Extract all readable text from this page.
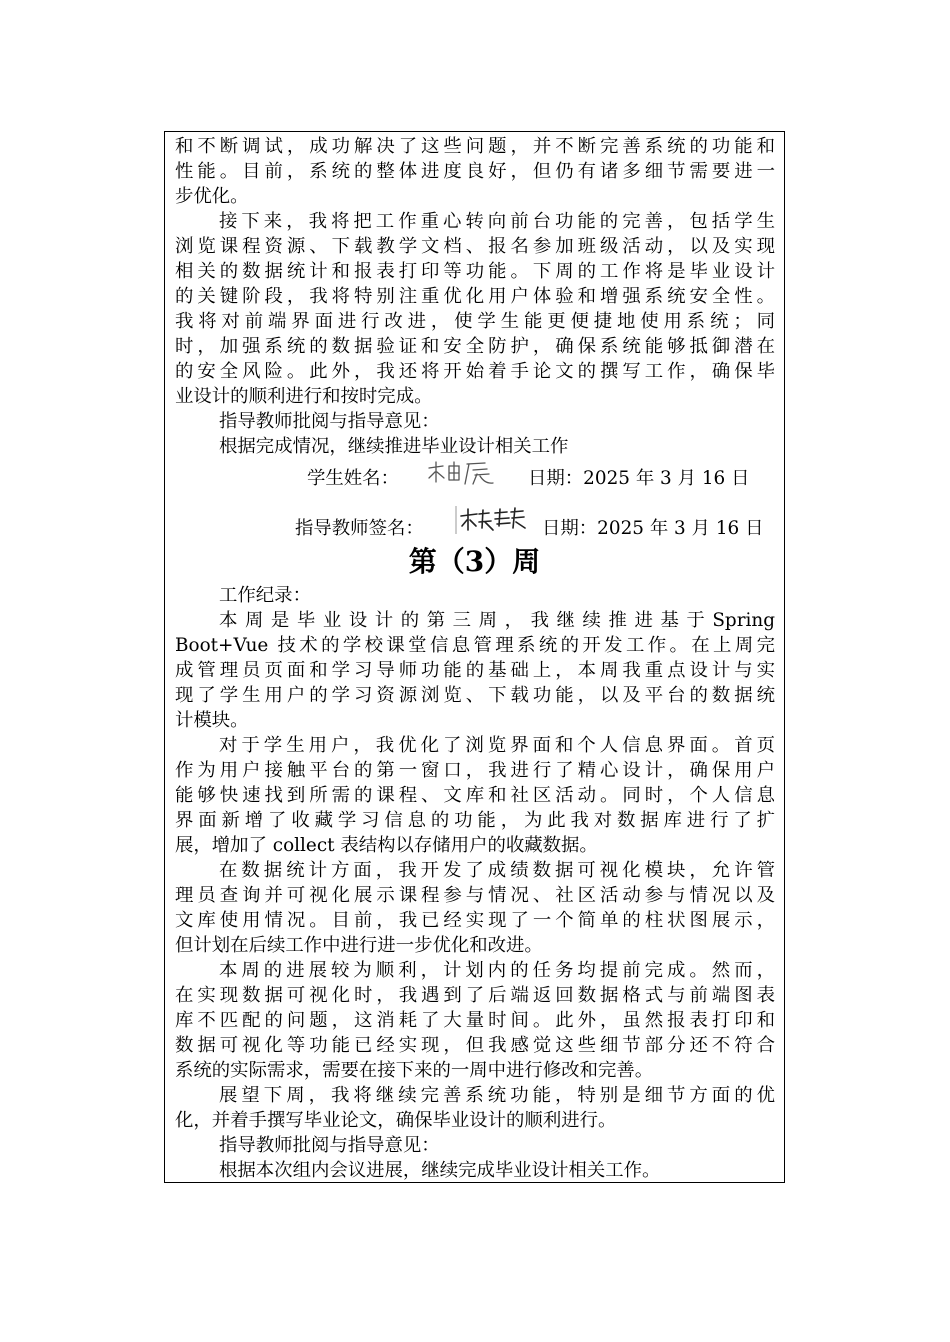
和不断调试，成功解决了这些问题，并不断完善系统的功能和
性能。目前，系统的整体进度良好，但仍有诸多细节需要进一
步优化。
接下来，我将把工作重心转向前台功能的完善，包括学生
浏览课程资源、下载教学文档、报名参加班级活动，以及实现
相关的数据统计和报表打印等功能。下周的工作将是毕业设计
的关键阶段，我将特别注重优化用户体验和增强系统安全性。
我将对前端界面进行改进，使学生能更便捷地使用系统；同
时，加强系统的数据验证和安全防护，确保系统能够抵御潜在
的安全风险。此外，我还将开始着手论文的撰写工作，确保毕
业设计的顺利进行和按时完成。
指导教师批阅与指导意见：
根据完成情况，继续推进毕业设计相关工作
学生姓名：	日期：2025 年 3 月 16 日
指导教师签名：	日期：2025 年 3 月 16 日
第（3）周
工作纪录：
本 周 是 毕 业 设 计 的 第 三 周 ， 我 继 续 推 进 基 于 Spring
Boot+Vue 技术的学校课堂信息管理系统的开发工作。在上周完
成管理员页面和学习导师功能的基础上，本周我重点设计与实
现了学生用户的学习资源浏览、下载功能，以及平台的数据统
计模块。
对于学生用户，我优化了浏览界面和个人信息界面。首页
作为用户接触平台的第一窗口，我进行了精心设计，确保用户
能够快速找到所需的课程、文库和社区活动。同时，个人信息
界面新增了收藏学习信息的功能，为此我对数据库进行了扩
展，增加了 collect 表结构以存储用户的收藏数据。
在数据统计方面，我开发了成绩数据可视化模块，允许管
理员查询并可视化展示课程参与情况、社区活动参与情况以及
文库使用情况。目前，我已经实现了一个简单的柱状图展示，
但计划在后续工作中进行进一步优化和改进。
本周的进展较为顺利，计划内的任务均提前完成。然而，
在实现数据可视化时，我遇到了后端返回数据格式与前端图表
库不匹配的问题，这消耗了大量时间。此外，虽然报表打印和
数据可视化等功能已经实现，但我感觉这些细节部分还不符合
系统的实际需求，需要在接下来的一周中进行修改和完善。
展望下周，我将继续完善系统功能，特别是细节方面的优
化，并着手撰写毕业论文，确保毕业设计的顺利进行。
指导教师批阅与指导意见：
根据本次组内会议进展，继续完成毕业设计相关工作。
